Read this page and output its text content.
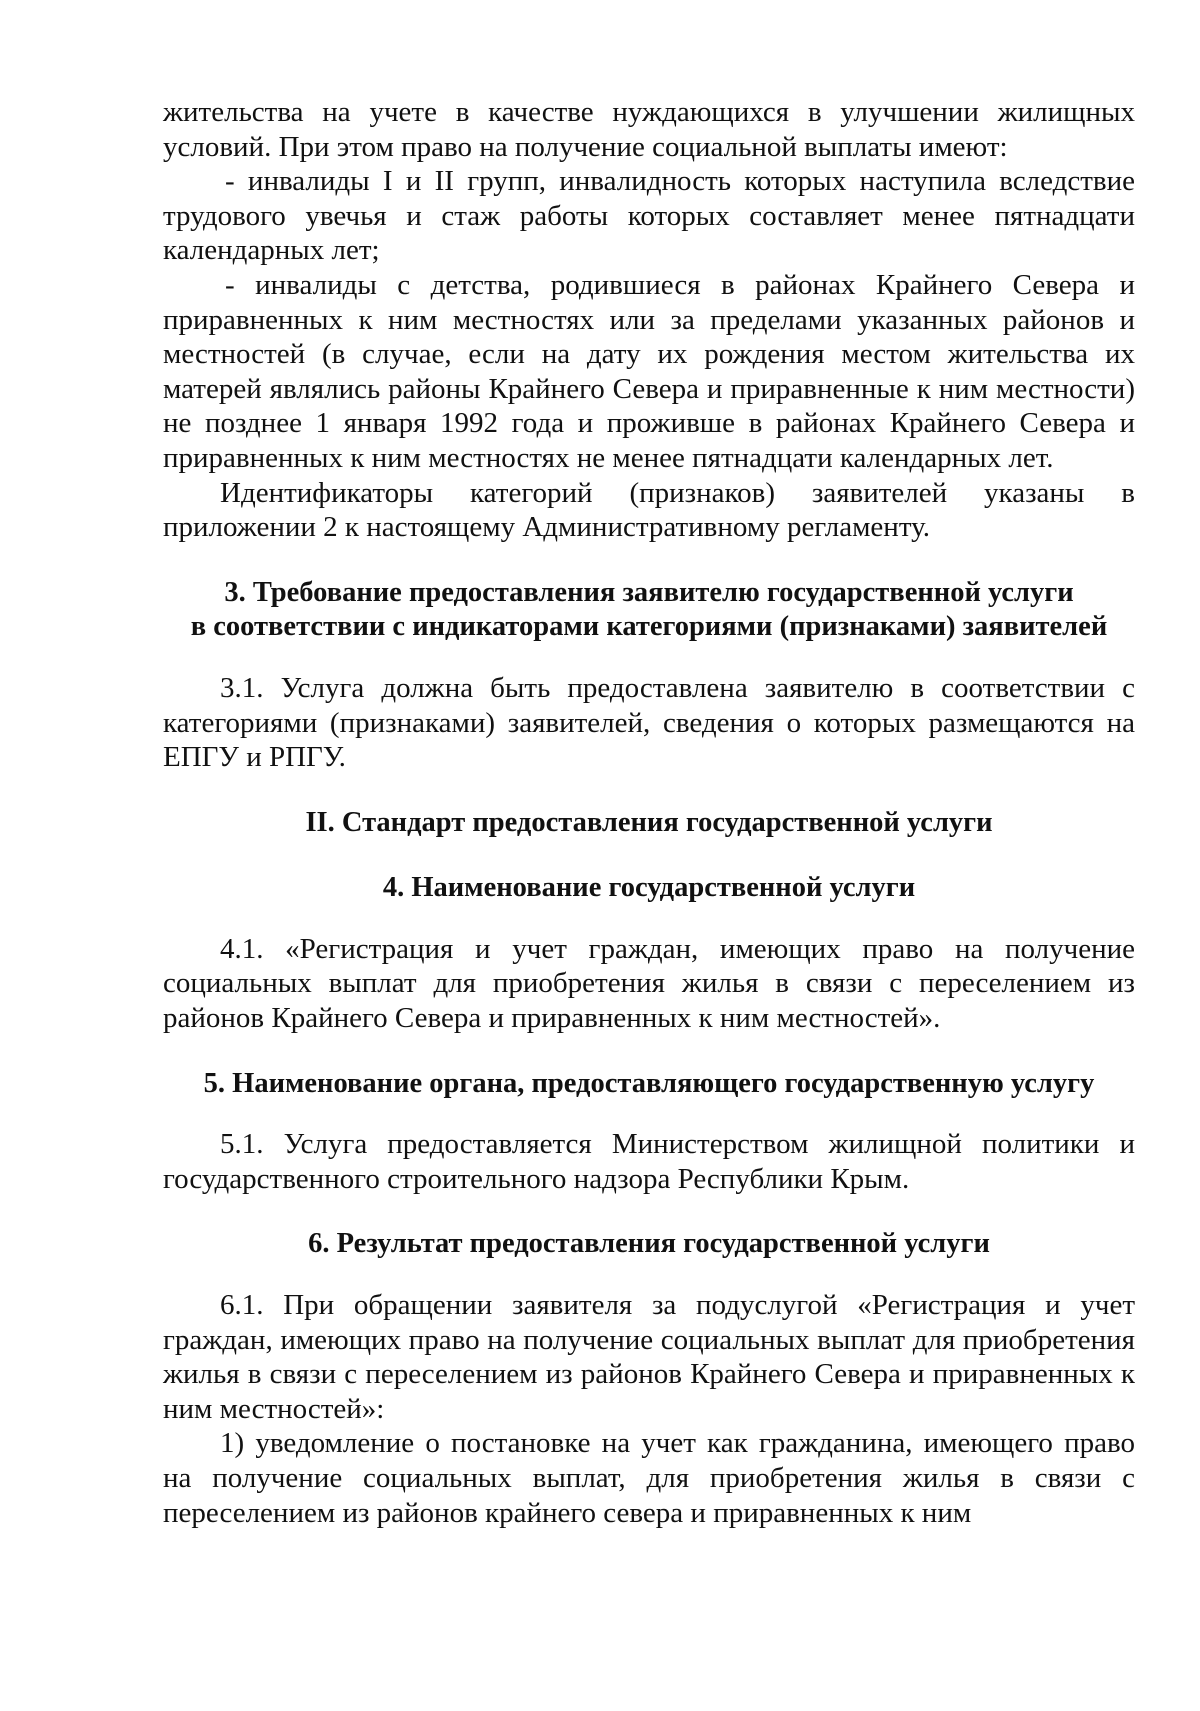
жительства на учете в качестве нуждающихся в улучшении жилищных условий. При этом право на получение социальной выплаты имеют:

- инвалиды I и II групп, инвалидность которых наступила вследствие трудового увечья и стаж работы которых составляет менее пятнадцати календарных лет;

- инвалиды с детства, родившиеся в районах Крайнего Севера и приравненных к ним местностях или за пределами указанных районов и местностей (в случае, если на дату их рождения местом жительства их матерей являлись районы Крайнего Севера и приравненные к ним местности) не позднее 1 января 1992 года и проживше в районах Крайнего Севера и приравненных к ним местностях не менее пятнадцати календарных лет.

Идентификаторы категорий (признаков) заявителей указаны в приложении 2 к настоящему Административному регламенту.

3. Требование предоставления заявителю государственной услуги

в соответствии с индикаторами категориями (признаками) заявителей

3.1. Услуга должна быть предоставлена заявителю в соответствии с категориями (признаками) заявителей, сведения о которых размещаются на ЕПГУ и РПГУ.

II. Стандарт предоставления государственной услуги

4. Наименование государственной услуги

4.1. «Регистрация и учет граждан, имеющих право на получение социальных выплат для приобретения жилья в связи с переселением из районов Крайнего Севера и приравненных к ним местностей».

5. Наименование органа, предоставляющего государственную услугу

5.1. Услуга предоставляется Министерством жилищной политики и государственного строительного надзора Республики Крым.

6. Результат предоставления государственной услуги

6.1. При обращении заявителя за подуслугой «Регистрация и учет граждан, имеющих право на получение социальных выплат для приобретения жилья в связи с переселением из районов Крайнего Севера и приравненных к ним местностей»:

1) уведомление о постановке на учет как гражданина, имеющего право на получение социальных выплат, для приобретения жилья в связи с переселением из районов крайнего севера и приравненных к ним
